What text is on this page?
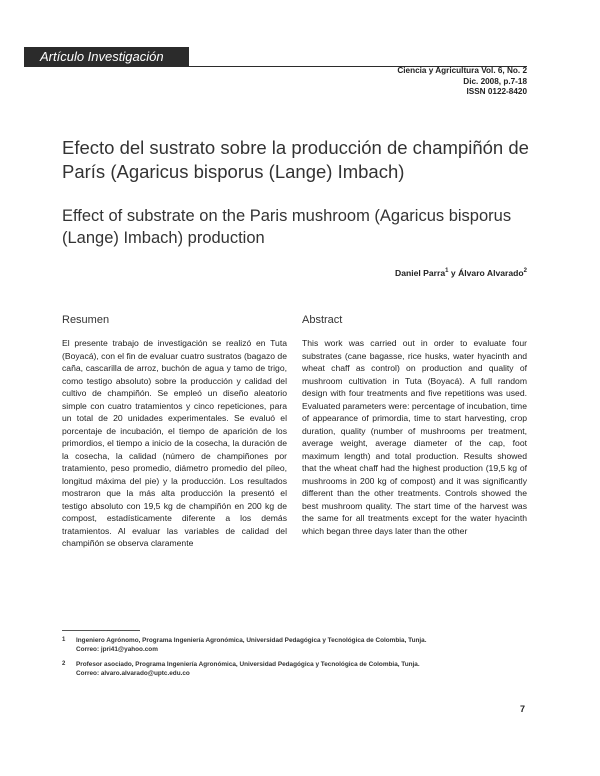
Artículo Investigación
Ciencia y Agricultura Vol. 6, No. 2
Dic. 2008, p.7-18
ISSN 0122-8420
Efecto del sustrato sobre la producción de champiñón de París (Agaricus bisporus (Lange) Imbach)
Effect of substrate on the Paris mushroom (Agaricus bisporus (Lange) Imbach) production
Daniel Parra$^1$ y Álvaro Alvarado$^2$
Resumen	Abstract

El presente trabajo de investigación se realizó en Tuta (Boyacá), con el fin de evaluar cuatro sustratos (bagazo de caña, cascarilla de arroz, buchón de agua y tamo de trigo, como testigo absoluto) sobre la producción y calidad del cultivo de champiñón. Se empleó un diseño aleatorio simple con cuatro tratamientos y cinco repeticiones, para un total de 20 unidades experimentales. Se evaluó el porcentaje de incubación, el tiempo de aparición de los primordios, el tiempo a inicio de la cosecha, la duración de la cosecha, la calidad (número de champiñones por tratamiento, peso promedio, diámetro promedio del píleo, longitud máxima del pie) y la producción. Los resultados mostraron que la más alta producción la presentó el testigo absoluto con 19,5 kg de champiñón en 200 kg de compost, estadísticamente diferente a los demás tratamientos. Al evaluar las variables de calidad del champiñón se observa claramente

This work was carried out in order to evaluate four substrates (cane bagasse, rice husks, water hyacinth and wheat chaff as control) on production and quality of mushroom cultivation in Tuta (Boyacá). A full random design with four treatments and five repetitions was used. Evaluated parameters were: percentage of incubation, time of appearance of primordia, time to start harvesting, crop duration, quality (number of mushrooms per treatment, average weight, average diameter of the cap, foot maximum length) and total production. Results showed that the wheat chaff had the highest production (19,5 kg of mushrooms in 200 kg of compost) and it was significantly different than the other treatments. Controls showed the best mushroom quality. The start time of the harvest was the same for all treatments except for the water hyacinth which began three days later than the other

1 Ingeniero Agrónomo, Programa Ingeniería Agronómica, Universidad Pedagógica y Tecnológica de Colombia, Tunja.
Correo: jpri41@yahoo.com
2 Profesor asociado, Programa Ingeniería Agronómica, Universidad Pedagógica y Tecnológica de Colombia, Tunja.
Correo: alvaro.alvarado@uptc.edu.co
7
